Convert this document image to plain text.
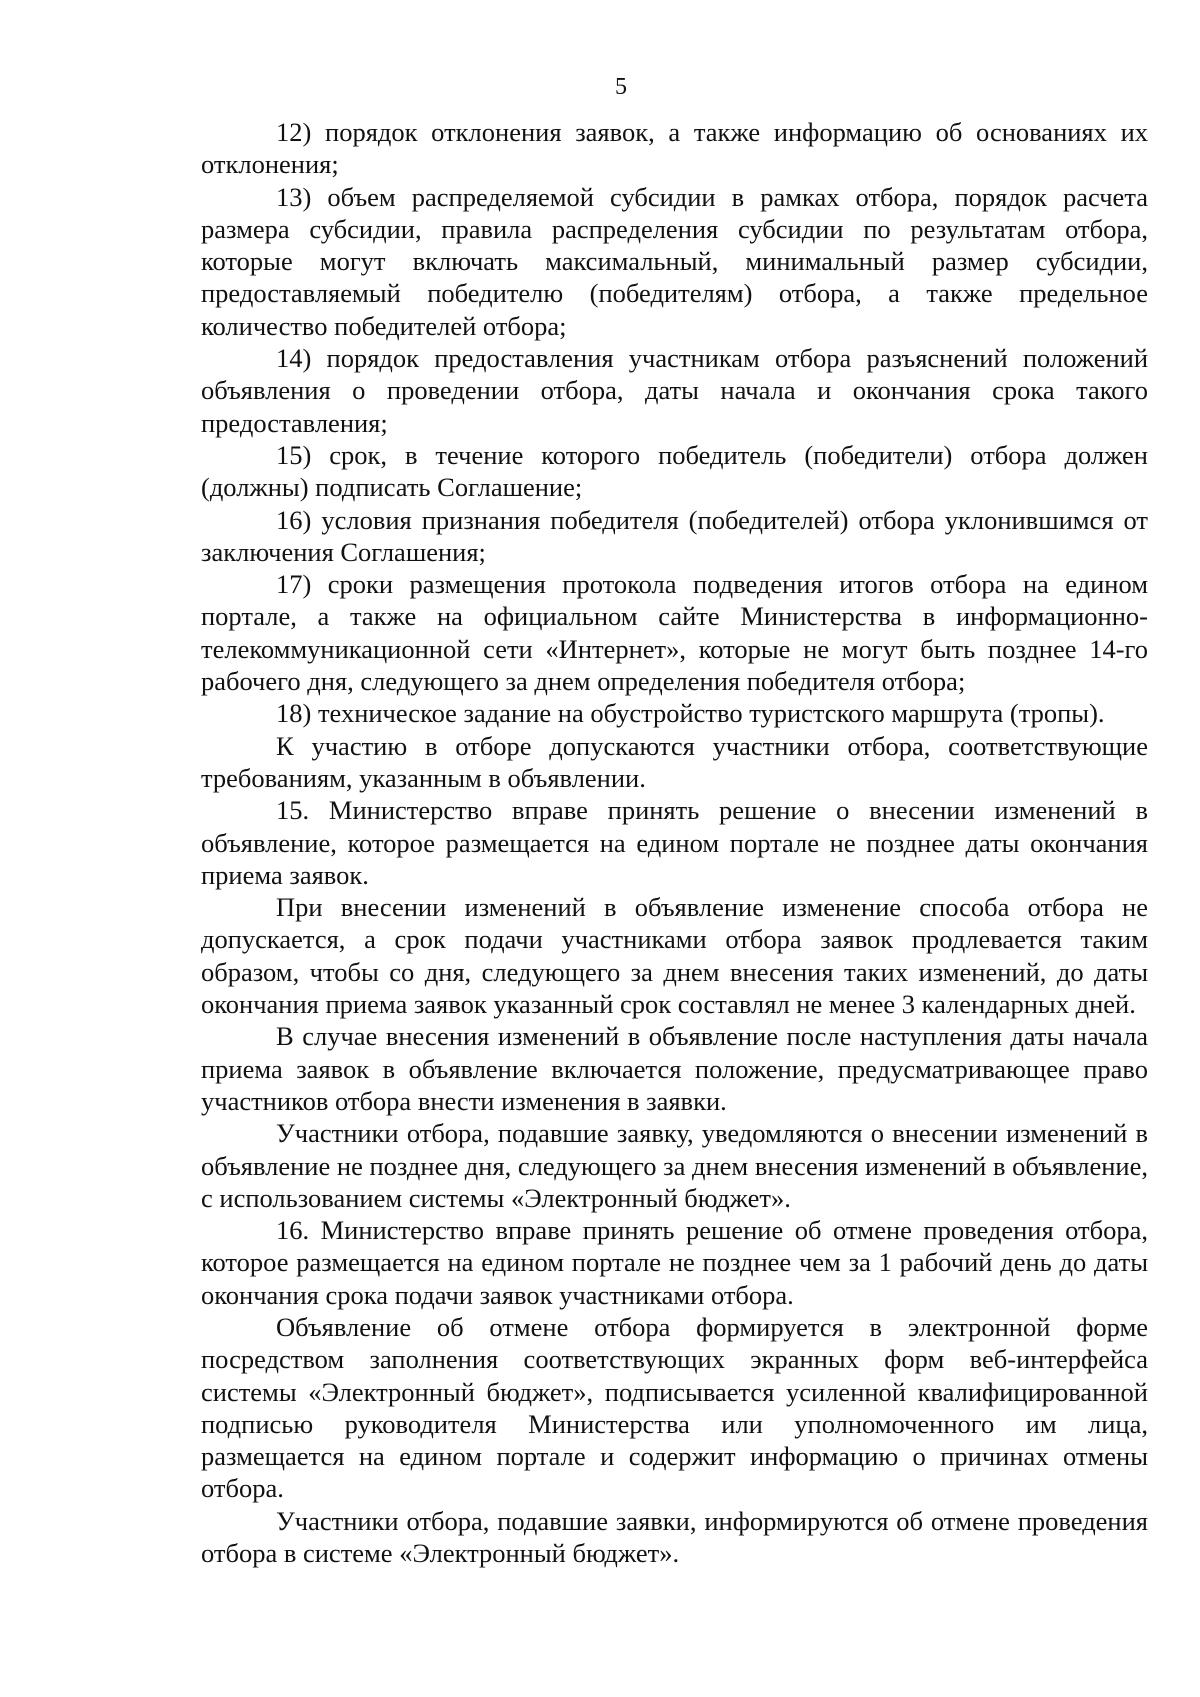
5

12) порядок отклонения заявок, а также информацию об основаниях их отклонения;

13) объем распределяемой субсидии в рамках отбора, порядок расчета размера субсидии, правила распределения субсидии по результатам отбора, которые могут включать максимальный, минимальный размер субсидии, предоставляемый победителю (победителям) отбора, а также предельное количество победителей отбора;

14) порядок предоставления участникам отбора разъяснений положений объявления о проведении отбора, даты начала и окончания срока такого предоставления;

15) срок, в течение которого победитель (победители) отбора должен (должны) подписать Соглашение;

16) условия признания победителя (победителей) отбора уклонившимся от заключения Соглашения;

17) сроки размещения протокола подведения итогов отбора на едином портале, а также на официальном сайте Министерства в информационно-телекоммуникационной сети «Интернет», которые не могут быть позднее 14-го рабочего дня, следующего за днем определения победителя отбора;

18) техническое задание на обустройство туристского маршрута (тропы).

К участию в отборе допускаются участники отбора, соответствующие требованиям, указанным в объявлении.

15. Министерство вправе принять решение о внесении изменений в объявление, которое размещается на едином портале не позднее даты окончания приема заявок.

При внесении изменений в объявление изменение способа отбора не допускается, а срок подачи участниками отбора заявок продлевается таким образом, чтобы со дня, следующего за днем внесения таких изменений, до даты окончания приема заявок указанный срок составлял не менее 3 календарных дней.

В случае внесения изменений в объявление после наступления даты начала приема заявок в объявление включается положение, предусматривающее право участников отбора внести изменения в заявки.

Участники отбора, подавшие заявку, уведомляются о внесении изменений в объявление не позднее дня, следующего за днем внесения изменений в объявление, с использованием системы «Электронный бюджет».

16. Министерство вправе принять решение об отмене проведения отбора, которое размещается на едином портале не позднее чем за 1 рабочий день до даты окончания срока подачи заявок участниками отбора.

Объявление об отмене отбора формируется в электронной форме посредством заполнения соответствующих экранных форм веб-интерфейса системы «Электронный бюджет», подписывается усиленной квалифицированной подписью руководителя Министерства или уполномоченного им лица, размещается на едином портале и содержит информацию о причинах отмены отбора.

Участники отбора, подавшие заявки, информируются об отмене проведения отбора в системе «Электронный бюджет».
